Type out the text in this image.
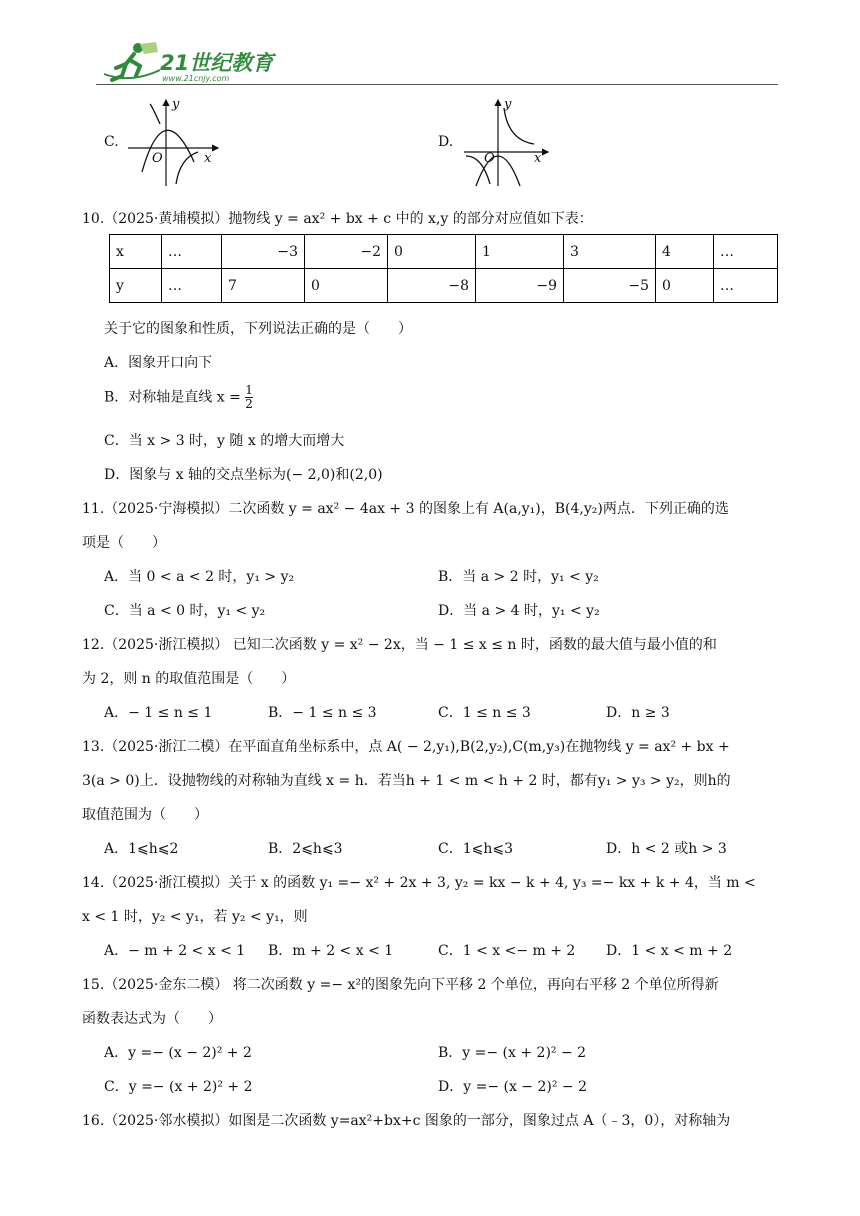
21世纪教育
www.21cnjy.com
C.
y
x
O
D.
y
x
O
10.（2025·黄埔模拟）抛物线 y = ax² + bx + c 中的 x,y 的部分对应值如下表：
x	…	−3	−2	0	1	3	4	…
y	…	7	0	−8	−9	−5	0	…
关于它的图象和性质，下列说法正确的是（　　）
A．图象开口向下
B．对称轴是直线 $x = \frac{1}{2}$
C．当 x > 3 时，y 随 x 的增大而增大
D．图象与 x 轴的交点坐标为(− 2,0)和(2,0)
11.（2025·宁海模拟）二次函数 y = ax² − 4ax + 3 的图象上有 A(a,y₁)，B(4,y₂)两点．下列正确的选
项是（　　）
A．当 0 < a < 2 时，y₁ > y₂	B．当 a > 2 时，y₁ < y₂
C．当 a < 0 时，y₁ < y₂	D．当 a > 4 时，y₁ < y₂
12.（2025·浙江模拟） 已知二次函数 y = x² − 2x，当 − 1 ≤ x ≤ n 时，函数的最大值与最小值的和
为 2，则 n 的取值范围是（　　）
A．− 1 ≤ n ≤ 1	B．− 1 ≤ n ≤ 3	C．1 ≤ n ≤ 3	D．n ≥ 3
13.（2025·浙江二模）在平面直角坐标系中，点 A( − 2,y₁),B(2,y₂),C(m,y₃)在抛物线 y = ax² + bx +
3(a > 0)上．设抛物线的对称轴为直线 x = h．若当h + 1 < m < h + 2 时，都有y₁ > y₃ > y₂，则h的
取值范围为（　　）
A．1⩽h⩽2	B．2⩽h⩽3	C．1⩽h⩽3	D．h < 2 或h > 3
14.（2025·浙江模拟）关于 x 的函数 y₁ =− x² + 2x + 3, y₂ = kx − k + 4, y₃ =− kx + k + 4，当 m <
x < 1 时，y₂ < y₁，若 y₂ < y₁，则
A．− m + 2 < x < 1 B．m + 2 < x < 1	C．1 < x <− m + 2 D．1 < x < m + 2
15.（2025·金东二模） 将二次函数 y =− x²的图象先向下平移 2 个单位，再向右平移 2 个单位所得新
函数表达式为（　　）
A．y =− (x − 2)² + 2	B．y =− (x + 2)² − 2
C．y =− (x + 2)² + 2	D．y =− (x − 2)² − 2
16.（2025·邻水模拟）如图是二次函数 y=ax²+bx+c 图象的一部分，图象过点 A（﹣3，0），对称轴为
